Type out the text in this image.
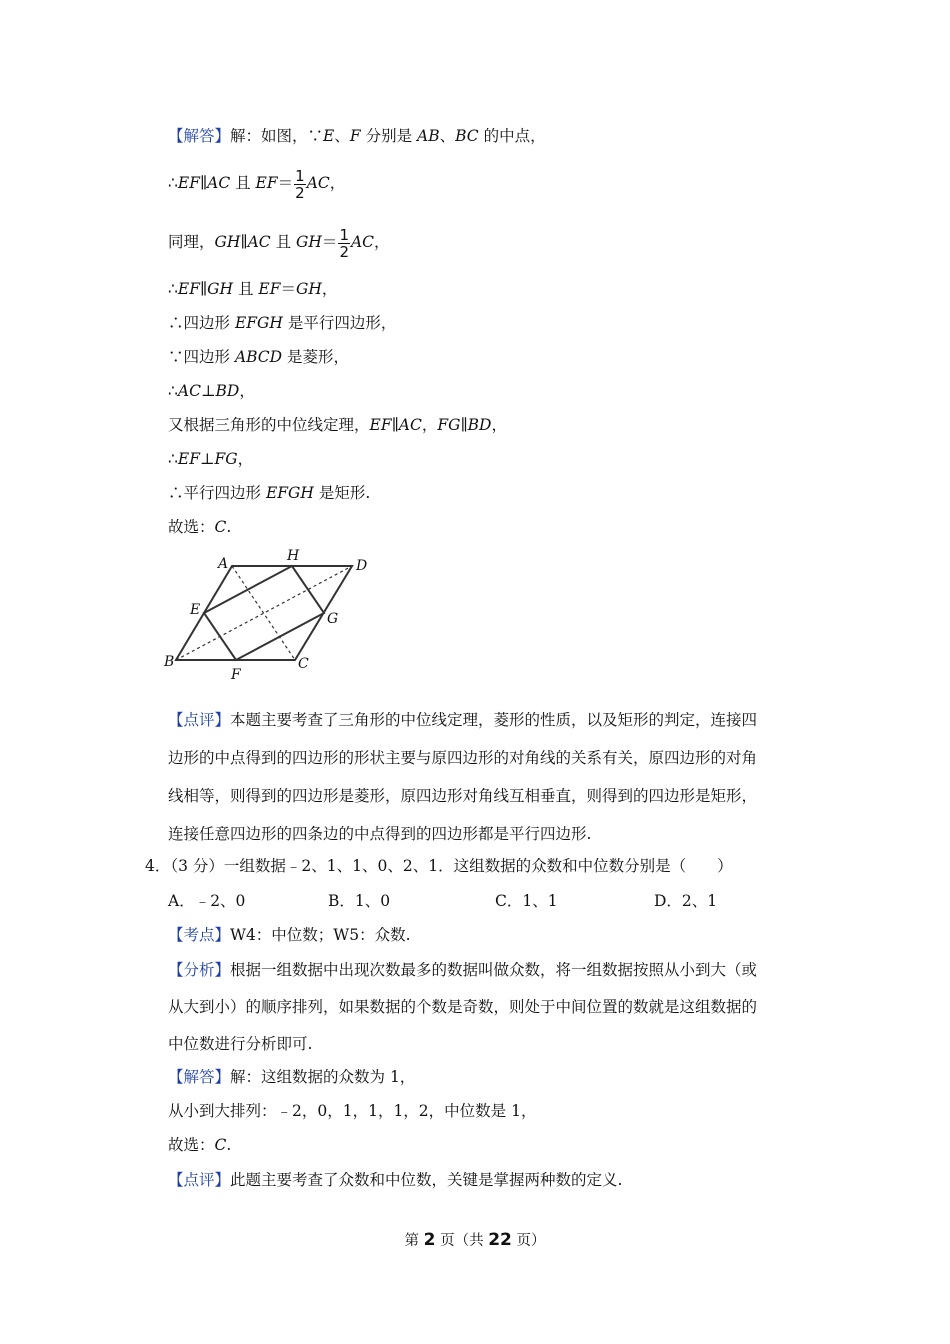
【解答】解：如图，∵E、F 分别是 AB、BC 的中点，
∴EF∥AC 且 $EF= \frac{1}{2}$ AC，
同理，GH∥AC 且 $GH= \frac{1}{2}$ AC，
∴EF∥GH 且 EF＝GH，
∴四边形 EFGH 是平行四边形，
∵四边形 ABCD 是菱形，
∴AC⊥BD，
又根据三角形的中位线定理，EF∥AC，FG∥BD，
∴EF⊥FG，
∴平行四边形 EFGH 是矩形.
故选：C.
A	H
D
E
G
B
F
C
【点评】本题主要考查了三角形的中位线定理，菱形的性质，以及矩形的判定，连接四
边形的中点得到的四边形的形状主要与原四边形的对角线的关系有关，原四边形的对角
线相等，则得到的四边形是菱形，原四边形对角线互相垂直，则得到的四边形是矩形，
连接任意四边形的四条边的中点得到的四边形都是平行四边形.
4．（3 分）一组数据﹣2、1、1、0、2、1．这组数据的众数和中位数分别是（　　）
A．﹣2、0	B．1、0	C．1、1	D．2、1
【考点】W4：中位数；W5：众数.
【分析】根据一组数据中出现次数最多的数据叫做众数，将一组数据按照从小到大（或
从大到小）的顺序排列，如果数据的个数是奇数，则处于中间位置的数就是这组数据的
中位数进行分析即可.
【解答】解：这组数据的众数为 1，
从小到大排列：﹣2，0，1，1，1，2，中位数是 1，
故选：C.
【点评】此题主要考查了众数和中位数，关键是掌握两种数的定义.
第 2 页（共 22 页）
